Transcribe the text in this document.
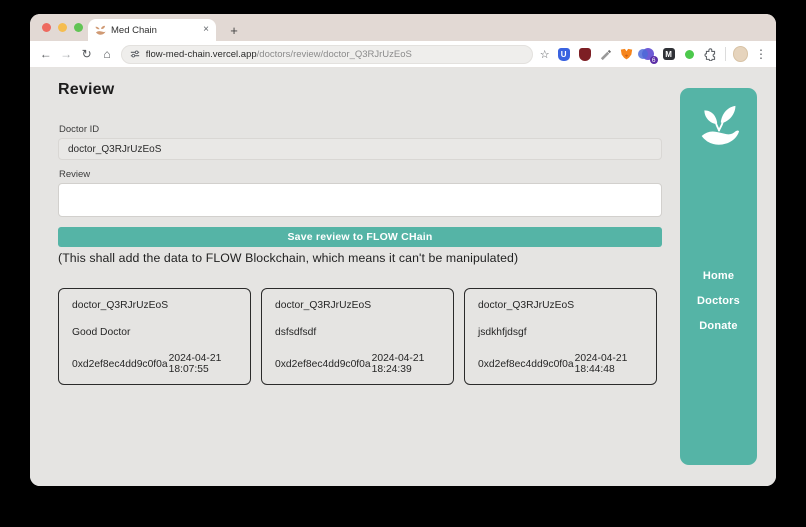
Med Chain	×	+
← → ↻ ⌂	flow-med-chain.vercel.app/doctors/review/doctor_Q3RJrUzEoS	☆	U
6
M	⋮
Review
Doctor ID
doctor_Q3RJrUzEoS
Review
Save review to FLOW CHain
(This shall add the data to FLOW Blockchain, which means it can't be manipulated)
doctor_Q3RJrUzEoS
Good Doctor
0xd2ef8ec4dd9c0f0a 2024-04-21
18:07:55
doctor_Q3RJrUzEoS
dsfsdfsdf
0xd2ef8ec4dd9c0f0a 2024-04-21
18:24:39
doctor_Q3RJrUzEoS
jsdkhfjdsgf
0xd2ef8ec4dd9c0f0a 2024-04-21
18:44:48
Home
Doctors
Donate
